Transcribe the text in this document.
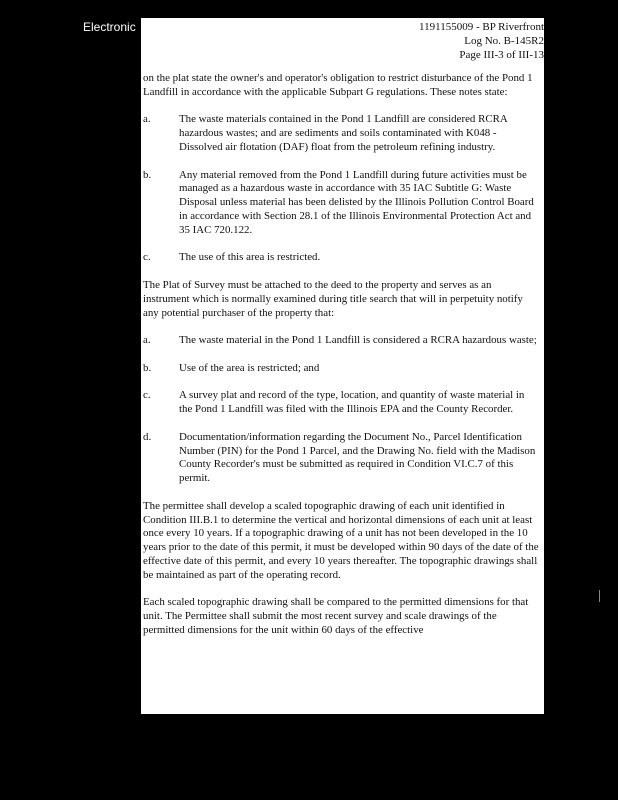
Electronic	1191155009 - BP Riverfront
Log No. B-145R2
Page III-3 of III-13

on the plat state the owner's and operator's obligation to restrict disturbance of the Pond 1 Landfill in accordance with the applicable Subpart G regulations. These notes state:

a.	The waste materials contained in the Pond 1 Landfill are considered RCRA hazardous wastes; and are sediments and soils contaminated with K048 - Dissolved air flotation (DAF) float from the petroleum refining industry.
b.	Any material removed from the Pond 1 Landfill during future activities must be managed as a hazardous waste in accordance with 35 IAC Subtitle G: Waste Disposal unless material has been delisted by the Illinois Pollution Control Board in accordance with Section 28.1 of the Illinois Environmental Protection Act and 35 IAC 720.122.
c.	The use of this area is restricted.

The Plat of Survey must be attached to the deed to the property and serves as an instrument which is normally examined during title search that will in perpetuity notify any potential purchaser of the property that:

a.	The waste material in the Pond 1 Landfill is considered a RCRA hazardous waste;
b.	Use of the area is restricted; and
c.	A survey plat and record of the type, location, and quantity of waste material in the Pond 1 Landfill was filed with the Illinois EPA and the County Recorder.
d.	Documentation/information regarding the Document No., Parcel Identification Number (PIN) for the Pond 1 Parcel, and the Drawing No. field with the Madison County Recorder's must be submitted as required in Condition VI.C.7 of this permit.

The permittee shall develop a scaled topographic drawing of each unit identified in Condition III.B.1 to determine the vertical and horizontal dimensions of each unit at least once every 10 years. If a topographic drawing of a unit has not been developed in the 10 years prior to the date of this permit, it must be developed within 90 days of the date of the effective date of this permit, and every 10 years thereafter. The topographic drawings shall be maintained as part of the operating record.

Each scaled topographic drawing shall be compared to the permitted dimensions for that unit. The Permittee shall submit the most recent survey and scale drawings of the permitted dimensions for the unit within 60 days of the effective
